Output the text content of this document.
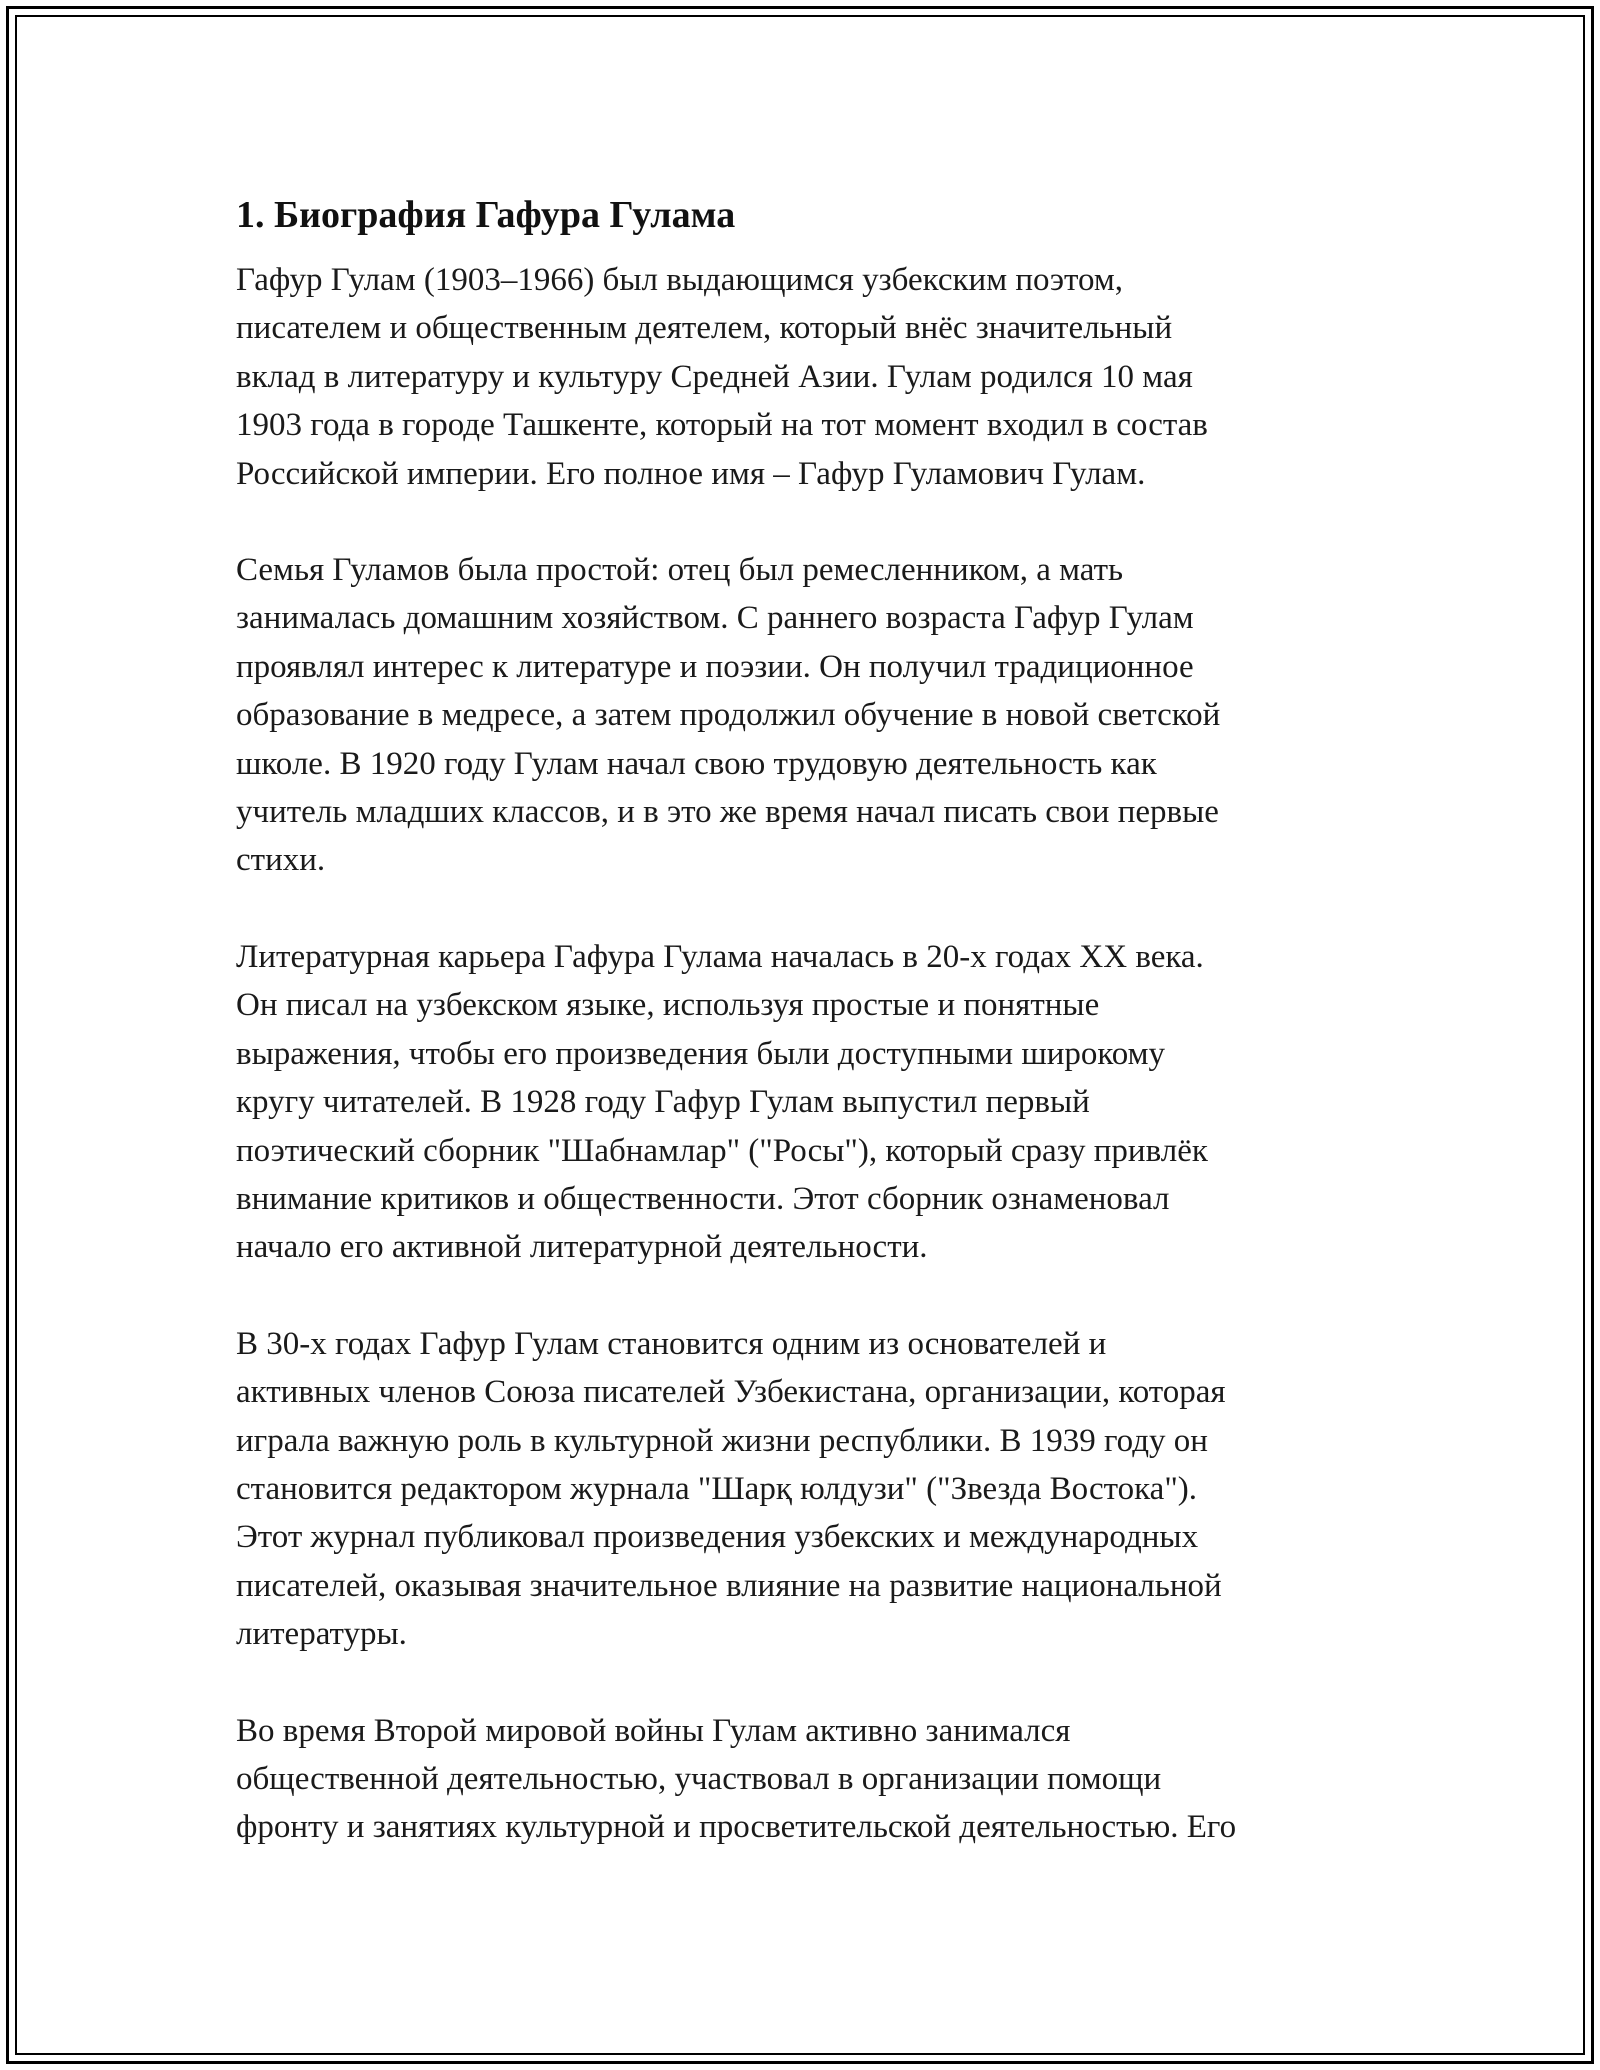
1. Биография Гафура Гулама
Гафур Гулам (1903–1966) был выдающимся узбекским поэтом,
писателем и общественным деятелем, который внёс значительный
вклад в литературу и культуру Средней Азии. Гулам родился 10 мая
1903 года в городе Ташкенте, который на тот момент входил в состав
Российской империи. Его полное имя – Гафур Гуламович Гулам.
Семья Гуламов была простой: отец был ремесленником, а мать
занималась домашним хозяйством. С раннего возраста Гафур Гулам
проявлял интерес к литературе и поэзии. Он получил традиционное
образование в медресе, а затем продолжил обучение в новой светской
школе. В 1920 году Гулам начал свою трудовую деятельность как
учитель младших классов, и в это же время начал писать свои первые
стихи.
Литературная карьера Гафура Гулама началась в 20-х годах XX века.
Он писал на узбекском языке, используя простые и понятные
выражения, чтобы его произведения были доступными широкому
кругу читателей. В 1928 году Гафур Гулам выпустил первый
поэтический сборник "Шабнамлар" ("Росы"), который сразу привлёк
внимание критиков и общественности. Этот сборник ознаменовал
начало его активной литературной деятельности.
В 30-х годах Гафур Гулам становится одним из основателей и
активных членов Союза писателей Узбекистана, организации, которая
играла важную роль в культурной жизни республики. В 1939 году он
становится редактором журнала "Шарқ юлдузи" ("Звезда Востока").
Этот журнал публиковал произведения узбекских и международных
писателей, оказывая значительное влияние на развитие национальной
литературы.
Во время Второй мировой войны Гулам активно занимался
общественной деятельностью, участвовал в организации помощи
фронту и занятиях культурной и просветительской деятельностью. Его
